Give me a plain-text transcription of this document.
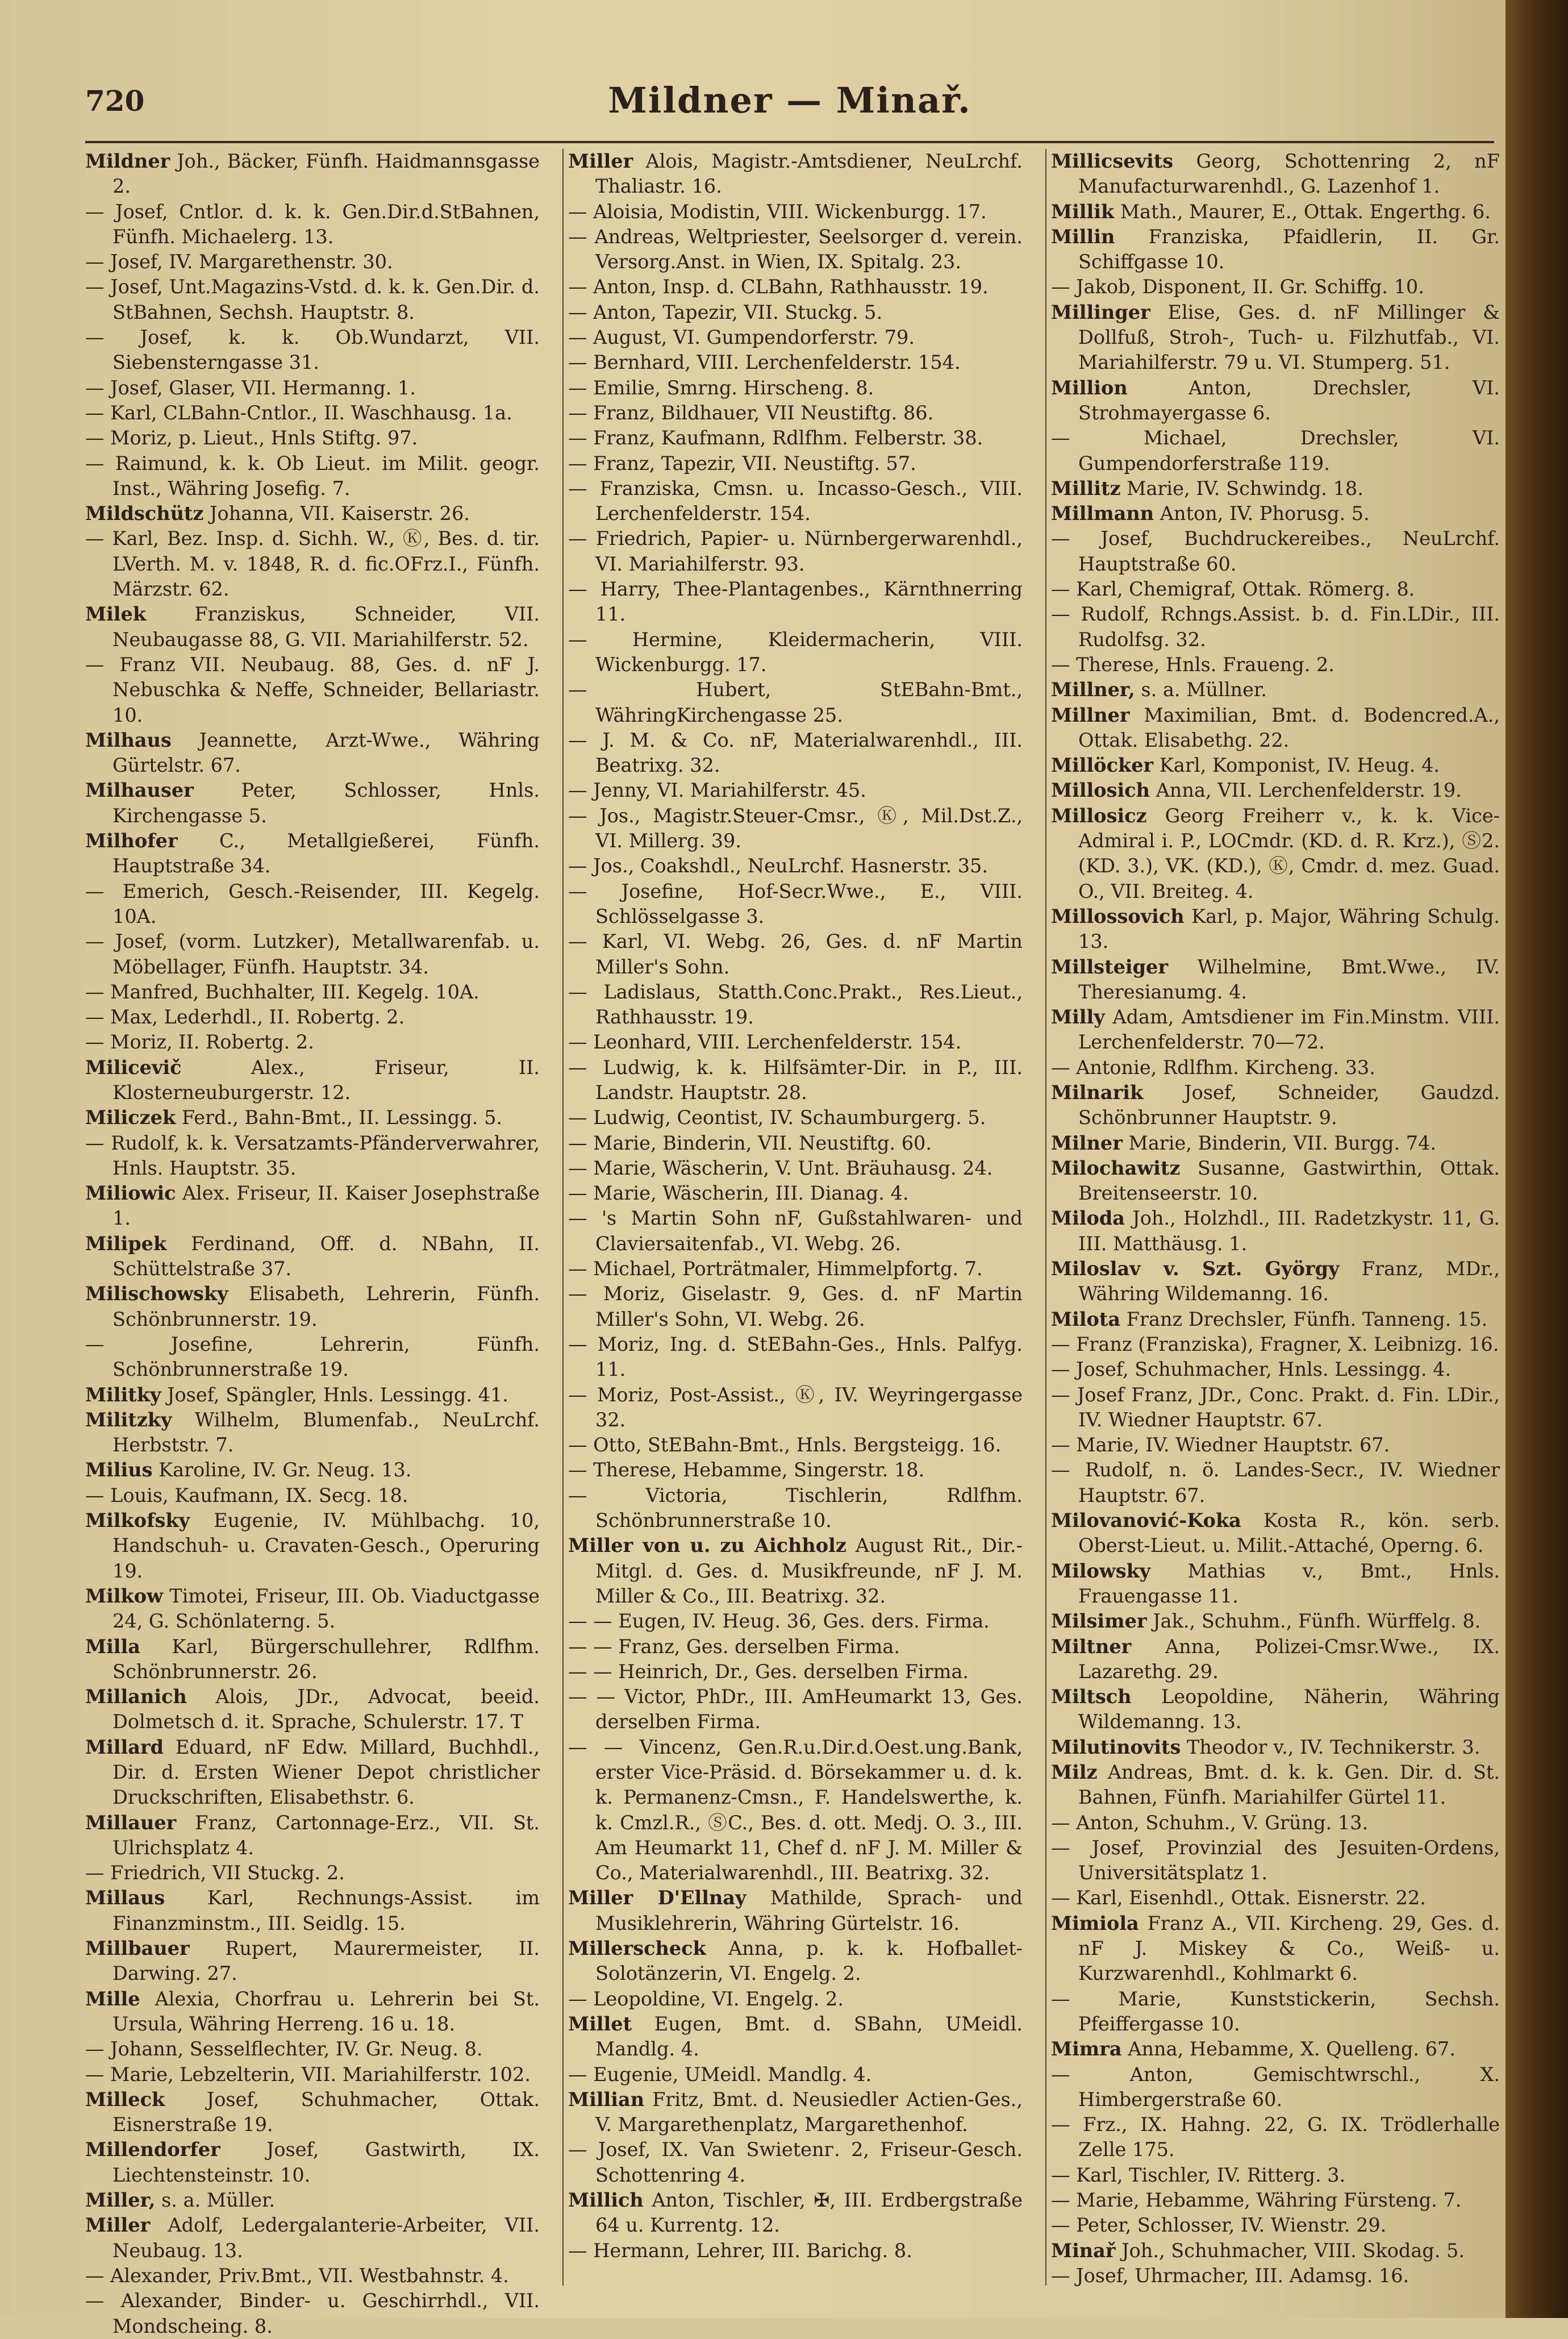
720	Mildner — Minař.

Mildner Joh., Bäcker, Fünfh. Haidmannsgasse 2.

— Josef, Cntlor. d. k. k. Gen.Dir.d.StBahnen, Fünfh. Michaelerg. 13.

— Josef, IV. Margarethenstr. 30.

— Josef, Unt.Magazins-Vstd. d. k. k. Gen.Dir. d. StBahnen, Sechsh. Hauptstr. 8.

— Josef, k. k. Ob.Wundarzt, VII. Siebensterngasse 31.

— Josef, Glaser, VII. Hermanng. 1.

— Karl, CLBahn-Cntlor., II. Waschhausg. 1a.

— Moriz, p. Lieut., Hnls Stiftg. 97.

— Raimund, k. k. Ob Lieut. im Milit. geogr. Inst., Währing Josefig. 7.

Mildschütz Johanna, VII. Kaiserstr. 26.

— Karl, Bez. Insp. d. Sichh. W., Ⓚ, Bes. d. tir. LVerth. M. v. 1848, R. d. fic.OFrz.I., Fünfh. Märzstr. 62.

Milek	Franziskus, Schneider, VII. Neubaugasse 88, G. VII. Mariahilferstr. 52.

— Franz VII. Neubaug. 88, Ges. d. nF J. Nebuschka & Neffe, Schneider, Bellariastr. 10.

Milhaus Jeannette, Arzt-Wwe., Währing Gürtelstr. 67.

Milhauser	Peter, Schlosser, Hnls. Kirchengasse 5.

Milhofer C., Metallgießerei, Fünfh. Hauptstraße 34.

— Emerich, Gesch.-Reisender, III. Kegelg. 10A.

— Josef, (vorm. Lutzker), Metallwarenfab. u. Möbellager, Fünfh. Hauptstr. 34.

— Manfred, Buchhalter, III. Kegelg. 10A.

— Max, Lederhdl., II. Robertg. 2.

— Moriz, II. Robertg. 2.

Milicevič	Alex., Friseur, II. Klosterneuburgerstr. 12.

Miliczek Ferd., Bahn-Bmt., II. Lessingg. 5.

— Rudolf, k. k. Versatzamts-Pfänderverwahrer, Hnls. Hauptstr. 35.

Miliowic Alex. Friseur, II. Kaiser Josephstraße 1.

Milipek Ferdinand, Off. d. NBahn, II. Schüttelstraße 37.

Milischowsky Elisabeth, Lehrerin, Fünfh. Schönbrunnerstr. 19.

— Josefine, Lehrerin, Fünfh. Schönbrunnerstraße 19.

Militky Josef, Spängler, Hnls. Lessingg. 41.

Militzky Wilhelm, Blumenfab., NeuLrchf. Herbststr. 7.

Milius Karoline, IV. Gr. Neug. 13.

— Louis, Kaufmann, IX. Secg. 18.

Milkofsky Eugenie, IV. Mühlbachg. 10, Handschuh- u. Cravaten-Gesch., Operuring 19.

Milkow Timotei, Friseur, III. Ob. Viaductgasse 24, G. Schönlaterng. 5.

Milla Karl, Bürgerschullehrer, Rdlfhm. Schönbrunnerstr. 26.

Millanich Alois, JDr., Advocat, beeid. Dolmetsch d. it. Sprache, Schulerstr. 17. T

Millard Eduard, nF Edw. Millard, Buchhdl., Dir. d. Ersten Wiener Depot christlicher Druckschriften, Elisabethstr. 6.

Millauer Franz, Cartonnage-Erz., VII. St. Ulrichsplatz 4.

— Friedrich, VII Stuckg. 2.

Millaus Karl, Rechnungs-Assist. im Finanzminstm., III. Seidlg. 15.

Millbauer Rupert, Maurermeister, II. Darwing. 27.

Mille Alexia, Chorfrau u. Lehrerin bei St. Ursula, Währing Herreng. 16 u. 18.

— Johann, Sesselflechter, IV. Gr. Neug. 8.

— Marie, Lebzelterin, VII. Mariahilferstr. 102.

Milleck Josef, Schuhmacher, Ottak. Eisnerstraße 19.

Millendorfer Josef, Gastwirth, IX. Liechtensteinstr. 10.

Miller, s. a. Müller.

Miller Adolf, Ledergalanterie-Arbeiter, VII. Neubaug. 13.

— Alexander, Priv.Bmt., VII. Westbahnstr. 4.

— Alexander, Binder- u. Geschirrhdl., VII. Mondscheing. 8.

Miller Alois, Magistr.-Amtsdiener, NeuLrchf. Thaliastr. 16.

— Aloisia, Modistin, VIII. Wickenburgg. 17.

— Andreas, Weltpriester, Seelsorger d. verein. Versorg.Anst. in Wien, IX. Spitalg. 23.

— Anton, Insp. d. CLBahn, Rathhausstr. 19.

— Anton, Tapezir, VII. Stuckg. 5.

— August, VI. Gumpendorferstr. 79.

— Bernhard, VIII. Lerchenfelderstr. 154.

— Emilie, Smrng. Hirscheng. 8.

— Franz, Bildhauer, VII Neustiftg. 86.

— Franz, Kaufmann, Rdlfhm. Felberstr. 38.

— Franz, Tapezir, VII. Neustiftg. 57.

— Franziska, Cmsn. u. Incasso-Gesch., VIII. Lerchenfelderstr. 154.

— Friedrich, Papier- u. Nürnbergerwarenhdl., VI. Mariahilferstr. 93.

— Harry, Thee-Plantagenbes., Kärnthnerring 11.

— Hermine, Kleidermacherin, VIII. Wickenburgg. 17.

— Hubert, StEBahn-Bmt., WähringKirchengasse 25.

— J. M. & Co. nF, Materialwarenhdl., III. Beatrixg. 32.

— Jenny, VI. Mariahilferstr. 45.

— Jos., Magistr.Steuer-Cmsr., Ⓚ, Mil.Dst.Z., VI. Millerg. 39.

— Jos., Coakshdl., NeuLrchf. Hasnerstr. 35.

— Josefine, Hof-Secr.Wwe., E., VIII. Schlösselgasse 3.

— Karl, VI. Webg. 26, Ges. d. nF Martin Miller's Sohn.

— Ladislaus, Statth.Conc.Prakt., Res.Lieut., Rathhausstr. 19.

— Leonhard, VIII. Lerchenfelderstr. 154.

— Ludwig, k. k. Hilfsämter-Dir. in P., III. Landstr. Hauptstr. 28.

— Ludwig, Ceontist, IV. Schaumburgerg. 5.

— Marie, Binderin, VII. Neustiftg. 60.

— Marie, Wäscherin, V. Unt. Bräuhausg. 24.

— Marie, Wäscherin, III. Dianag. 4.

— 's Martin Sohn nF, Gußstahlwaren- und Claviersaitenfab., VI. Webg. 26.

— Michael, Porträtmaler, Himmelpfortg. 7.

— Moriz, Giselastr. 9, Ges. d. nF Martin Miller's Sohn, VI. Webg. 26.

— Moriz, Ing. d. StEBahn-Ges., Hnls. Palfyg. 11.

— Moriz, Post-Assist., Ⓚ, IV. Weyringergasse 32.

— Otto, StEBahn-Bmt., Hnls. Bergsteigg. 16.

— Therese, Hebamme, Singerstr. 18.

— Victoria, Tischlerin, Rdlfhm. Schönbrunnerstraße 10.

Miller von u. zu Aichholz August Rit., Dir.-Mitgl. d. Ges. d. Musikfreunde, nF J. M. Miller & Co., III. Beatrixg. 32.

— — Eugen, IV. Heug. 36, Ges. ders. Firma.

— — Franz, Ges. derselben Firma.

— — Heinrich, Dr., Ges. derselben Firma.

— — Victor, PhDr., III. AmHeumarkt 13, Ges. derselben Firma.

— — Vincenz, Gen.R.u.Dir.d.Oest.ung.Bank, erster Vice-Präsid. d. Börsekammer u. d. k. k. Permanenz-Cmsn., F. Handelswerthe, k. k. Cmzl.R., ⓈC., Bes. d. ott. Medj. O. 3., III. Am Heumarkt 11, Chef d. nF J. M. Miller & Co., Materialwarenhdl., III. Beatrixg. 32.

Miller D'Ellnay Mathilde, Sprach- und Musiklehrerin, Währing Gürtelstr. 16.

Millerscheck Anna, p. k. k. Hofballet-Solotänzerin, VI. Engelg. 2.

— Leopoldine, VI. Engelg. 2.

Millet Eugen, Bmt. d. SBahn, UMeidl. Mandlg. 4.

— Eugenie, UMeidl. Mandlg. 4.

Millian Fritz, Bmt. d. Neusiedler Actien-Ges., V. Margarethenplatz, Margarethenhof.

— Josef, IX. Van Swietenг. 2, Friseur-Gesch. Schottenring 4.

Millich Anton, Tischler, ✠, III. Erdbergstraße 64 u. Kurrentg. 12.

— Hermann, Lehrer, III. Barichg. 8.

Millicsevits Georg, Schottenring 2, nF Manufacturwarenhdl., G. Lazenhof 1.

Millik Math., Maurer, E., Ottak. Engerthg. 6.

Millin Franziska, Pfaidlerin, II. Gr. Schiffgasse 10.

— Jakob, Disponent, II. Gr. Schiffg. 10.

Millinger Elise, Ges. d. nF Millinger & Dollfuß, Stroh-, Tuch- u. Filzhutfab., VI. Mariahilferstr. 79 u. VI. Stumperg. 51.

Million	Anton, Drechsler, VI. Strohmayergasse 6.

— Michael, Drechsler, VI. Gumpendorferstraße 119.

Millitz Marie, IV. Schwindg. 18.

Millmann Anton, IV. Phorusg. 5.

— Josef, Buchdruckereibes., NeuLrchf. Hauptstraße 60.

— Karl, Chemigraf, Ottak. Römerg. 8.

— Rudolf, Rchngs.Assist. b. d. Fin.LDir., III. Rudolfsg. 32.

— Therese, Hnls. Fraueng. 2.

Millner, s. a. Müllner.

Millner Maximilian, Bmt. d. Bodencred.A., Ottak. Elisabethg. 22.

Millöcker Karl, Komponist, IV. Heug. 4.

Millosich Anna, VII. Lerchenfelderstr. 19.

Millosicz Georg Freiherr v., k. k. Vice-Admiral i. P., LOCmdr. (KD. d. R. Krz.), Ⓢ2. (KD. 3.), VK. (KD.), Ⓚ, Cmdr. d. mez. Guad. O., VII. Breiteg. 4.

Millossovich Karl, p. Major, Währing Schulg. 13.

Millsteiger Wilhelmine, Bmt.Wwe., IV. Theresianumg. 4.

Milly Adam, Amtsdiener im Fin.Minstm. VIII. Lerchenfelderstr. 70—72.

— Antonie, Rdlfhm. Kircheng. 33.

Milnarik Josef, Schneider, Gaudzd. Schönbrunner Hauptstr. 9.

Milner Marie, Binderin, VII. Burgg. 74.

Milochawitz Susanne, Gastwirthin, Ottak. Breitenseerstr. 10.

Miloda Joh., Holzhdl., III. Radetzkystr. 11, G. III. Matthäusg. 1.

Miloslav v. Szt. György Franz, MDr., Währing Wildemanng. 16.

Milota Franz Drechsler, Fünfh. Tanneng. 15.

— Franz (Franziska), Fragner, X. Leibnizg. 16.

— Josef, Schuhmacher, Hnls. Lessingg. 4.

— Josef Franz, JDr., Conc. Prakt. d. Fin. LDir., IV. Wiedner Hauptstr. 67.

— Marie, IV. Wiedner Hauptstr. 67.

— Rudolf, n. ö. Landes-Secr., IV. Wiedner Hauptstr. 67.

Milovanović-Koka Kosta R., kön. serb. Oberst-Lieut. u. Milit.-Attaché, Operng. 6.

Milowsky Mathias v., Bmt., Hnls. Frauengasse 11.

Milsimer Jak., Schuhm., Fünfh. Würffelg. 8.

Miltner Anna, Polizei-Cmsr.Wwe., IX. Lazarethg. 29.

Miltsch Leopoldine, Näherin, Währing Wildemanng. 13.

Milutinovits Theodor v., IV. Technikerstr. 3.

Milz Andreas, Bmt. d. k. k. Gen. Dir. d. St. Bahnen, Fünfh. Mariahilfer Gürtel 11.

— Anton, Schuhm., V. Grüng. 13.

— Josef, Provinzial des Jesuiten-Ordens, Universitätsplatz 1.

— Karl, Eisenhdl., Ottak. Eisnerstr. 22.

Mimiola Franz A., VII. Kircheng. 29, Ges. d. nF J. Miskey & Co., Weiß- u. Kurzwarenhdl., Kohlmarkt 6.

— Marie, Kunststickerin, Sechsh. Pfeiffergasse 10.

Mimra Anna, Hebamme, X. Quelleng. 67.

— Anton, Gemischtwrschl., X. Himbergerstraße 60.

— Frz., IX. Hahng. 22, G. IX. Trödlerhalle Zelle 175.

— Karl, Tischler, IV. Ritterg. 3.

— Marie, Hebamme, Währing Fürsteng. 7.

— Peter, Schlosser, IV. Wienstr. 29.

Minař Joh., Schuhmacher, VIII. Skodag. 5.

— Josef, Uhrmacher, III. Adamsg. 16.
